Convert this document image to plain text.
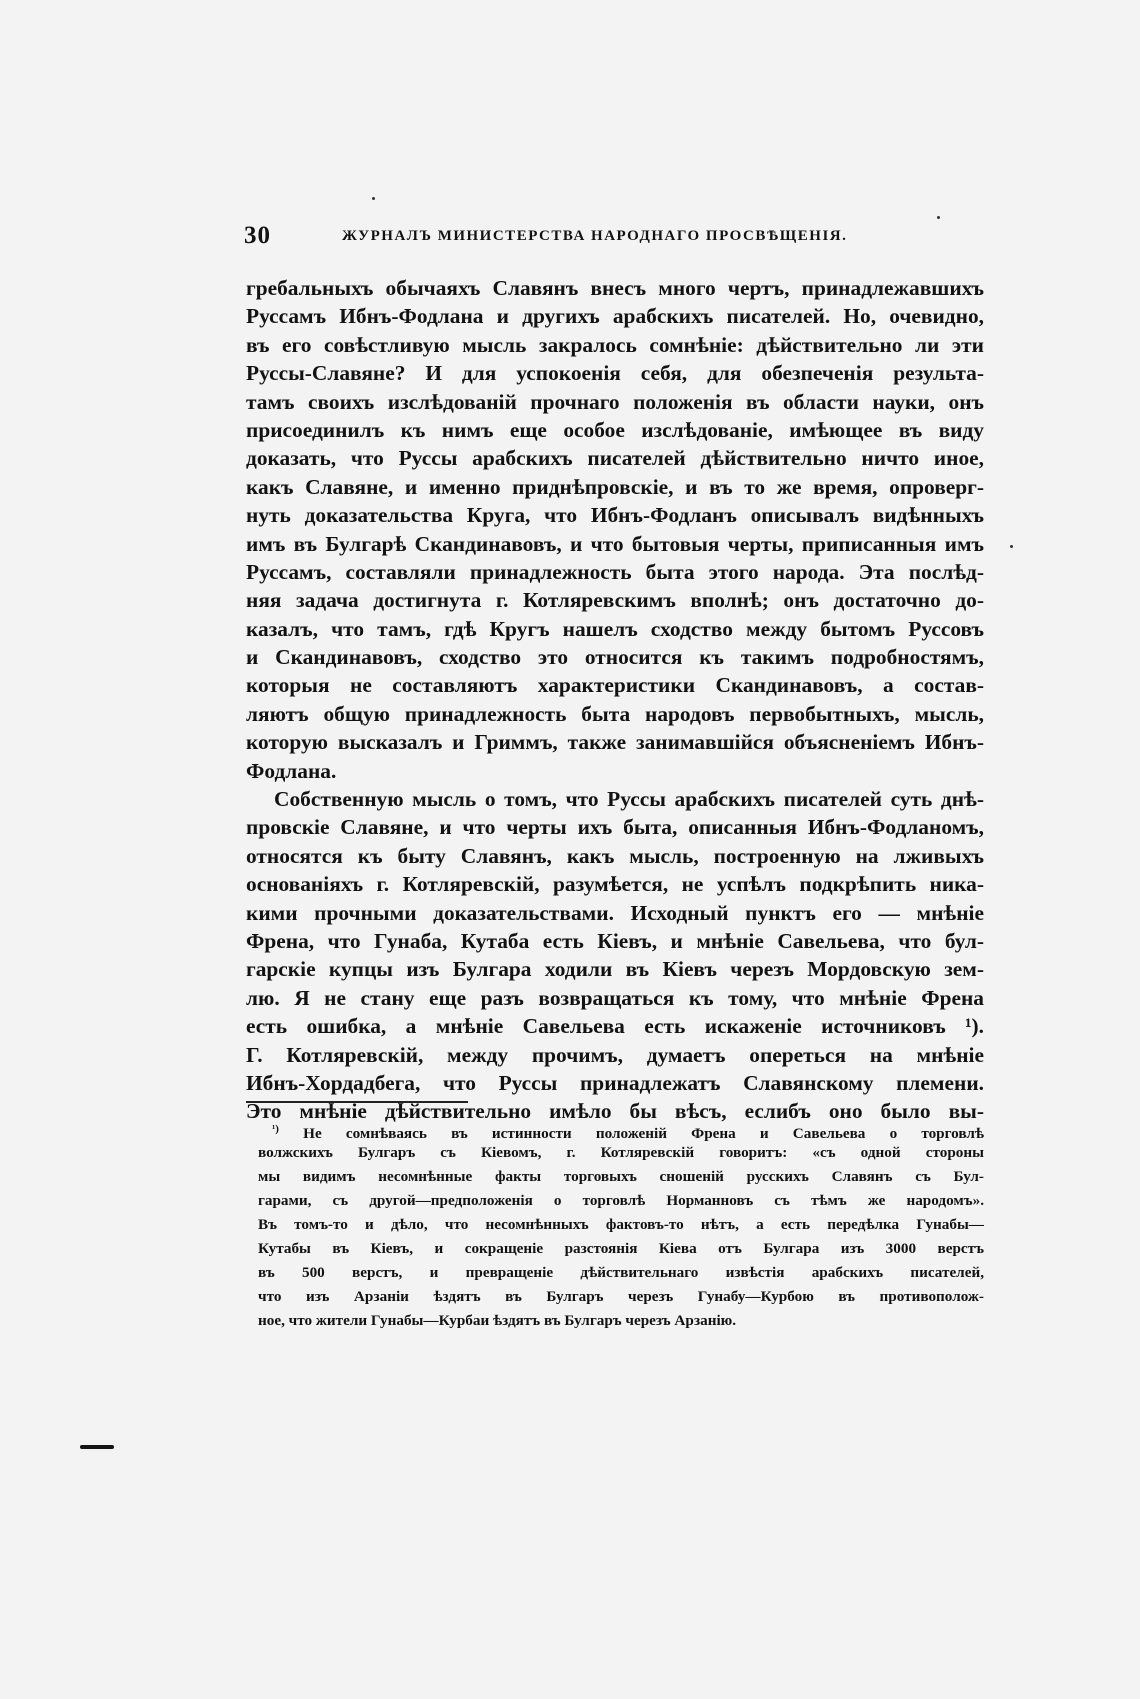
30	ЖУРНАЛЪ МИНИСТЕРСТВА НАРОДНАГО ПРОСВѢЩЕНІЯ.
гребальныхъ обычаяхъ Славянъ внесъ много чертъ, принадлежавшихъ
Руссамъ Ибнъ-Фодлана и другихъ арабскихъ писателей. Но, очевидно,
въ его совѣстливую мысль закралось сомнѣніе: дѣйствительно ли эти
Руссы-Славяне? И для успокоенія себя, для обезпеченія результа-
тамъ своихъ изслѣдованій прочнаго положенія въ области науки, онъ
присоединилъ къ нимъ еще особое изслѣдованіе, имѣющее въ виду
доказать, что Руссы арабскихъ писателей дѣйствительно ничто иное,
какъ Славяне, и именно приднѣпровскіе, и въ то же время, опроверг-
нуть доказательства Круга, что Ибнъ-Фодланъ описывалъ видѣнныхъ
имъ въ Булгарѣ Скандинавовъ, и что бытовыя черты, приписанныя имъ
Руссамъ, составляли принадлежность быта этого народа. Эта послѣд-
няя задача достигнута г. Котляревскимъ вполнѣ; онъ достаточно до-
казалъ, что тамъ, гдѣ Кругъ нашелъ сходство между бытомъ Руссовъ
и Скандинавовъ, сходство это относится къ такимъ подробностямъ,
которыя не составляютъ характеристики Скандинавовъ, а состав-
ляютъ общую принадлежность быта народовъ первобытныхъ, мысль,
которую высказалъ и Гриммъ, также занимавшійся объясненіемъ Ибнъ-
Фодлана.
Собственную мысль о томъ, что Руссы арабскихъ писателей суть днѣ-
провскіе Славяне, и что черты ихъ быта, описанныя Ибнъ-Фодланомъ,
относятся къ быту Славянъ, какъ мысль, построенную на лживыхъ
основаніяхъ г. Котляревскій, разумѣется, не успѣлъ подкрѣпить ника-
кими прочными доказательствами. Исходный пунктъ его — мнѣніе
Френа, что Гунаба, Кутаба есть Кіевъ, и мнѣніе Савельева, что бул-
гарскіе купцы изъ Булгара ходили въ Кіевъ черезъ Мордовскую зем-
лю. Я не стану еще разъ возвращаться къ тому, что мнѣніе Френа
есть ошибка, а мнѣніе Савельева есть искаженіе источниковъ ¹).
Г. Котляревскій, между прочимъ, думаетъ опереться на мнѣніе
Ибнъ-Хордадбега, что Руссы принадлежатъ Славянскому племени.
Это мнѣніе дѣйствительно имѣло бы вѣсъ, еслибъ оно было вы-
$^{^1)}$ Не сомнѣваясь въ истинности положеній Френа и Савельева о торговлѣ
волжскихъ Булгаръ съ Кіевомъ, г. Котляревскій говоритъ: «съ одной стороны
мы видимъ несомнѣнные факты торговыхъ сношеній русскихъ Славянъ съ Бул-
гарами, съ другой—предположенія о торговлѣ Норманновъ съ тѣмъ же народомъ».
Въ томъ-то и дѣло, что несомнѣнныхъ фактовъ-то нѣтъ, а есть передѣлка Гунабы—
Кутабы въ Кіевъ, и сокращеніе разстоянія Кіева отъ Булгара изъ 3000 верстъ
въ 500 верстъ, и превращеніе дѣйствительнаго извѣстія арабскихъ писателей,
что изъ Арзаніи ѣздятъ въ Булгаръ черезъ Гунабу—Курбою въ противополож-
ное, что жители Гунабы—Курбаи ѣздятъ въ Булгаръ черезъ Арзанію.
